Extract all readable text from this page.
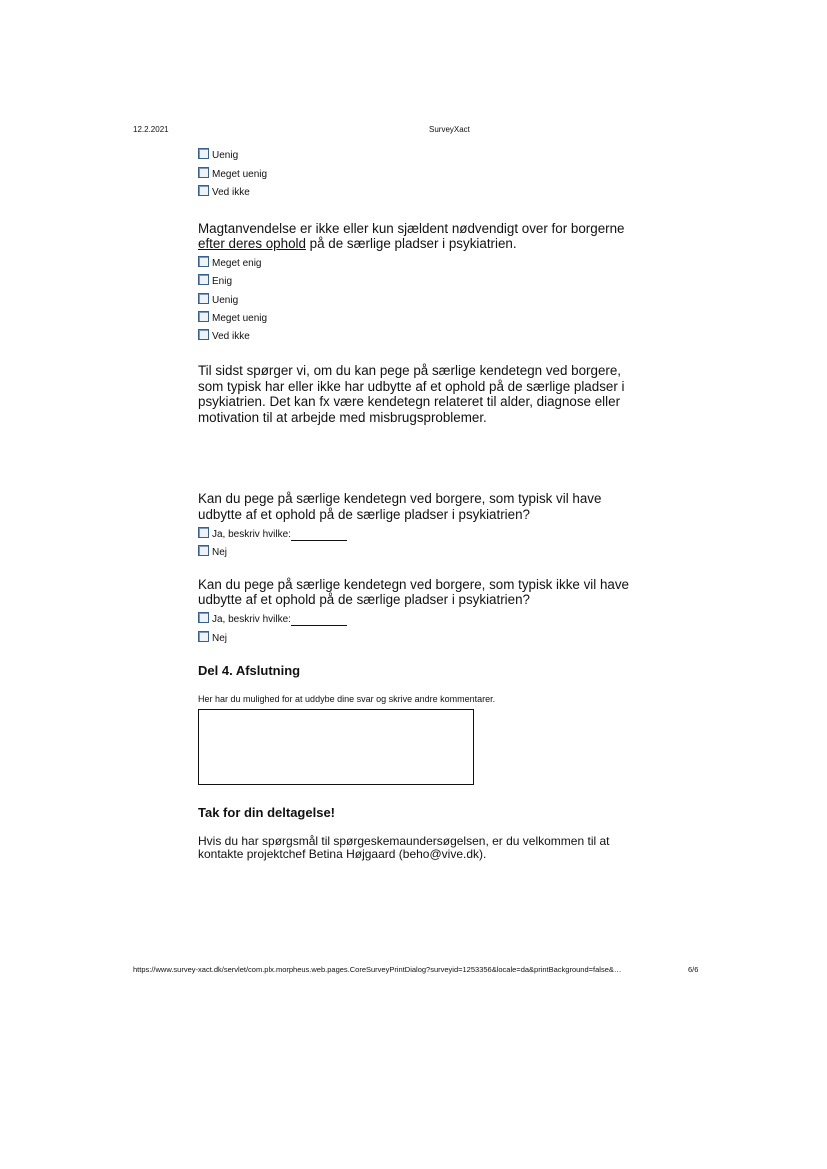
12.2.2021	SurveyXact
Uenig
Meget uenig
Ved ikke
Magtanvendelse er ikke eller kun sjældent nødvendigt over for borgerne efter deres ophold på de særlige pladser i psykiatrien.
Meget enig
Enig
Uenig
Meget uenig
Ved ikke
Til sidst spørger vi, om du kan pege på særlige kendetegn ved borgere, som typisk har eller ikke har udbytte af et ophold på de særlige pladser i psykiatrien. Det kan fx være kendetegn relateret til alder, diagnose eller motivation til at arbejde med misbrugsproblemer.
Kan du pege på særlige kendetegn ved borgere, som typisk vil have udbytte af et ophold på de særlige pladser i psykiatrien?
Ja, beskriv hvilke:
Nej
Kan du pege på særlige kendetegn ved borgere, som typisk ikke vil have udbytte af et ophold på de særlige pladser i psykiatrien?
Ja, beskriv hvilke:
Nej
Del 4. Afslutning
Her har du mulighed for at uddybe dine svar og skrive andre kommentarer.
Tak for din deltagelse!
Hvis du har spørgsmål til spørgeskemaundersøgelsen, er du velkommen til at kontakte projektchef Betina Højgaard (beho@vive.dk).
https://www.survey-xact.dk/servlet/com.plx.morpheus.web.pages.CoreSurveyPrintDialog?surveyid=1253356&locale=da&printBackground=false&…	6/6
